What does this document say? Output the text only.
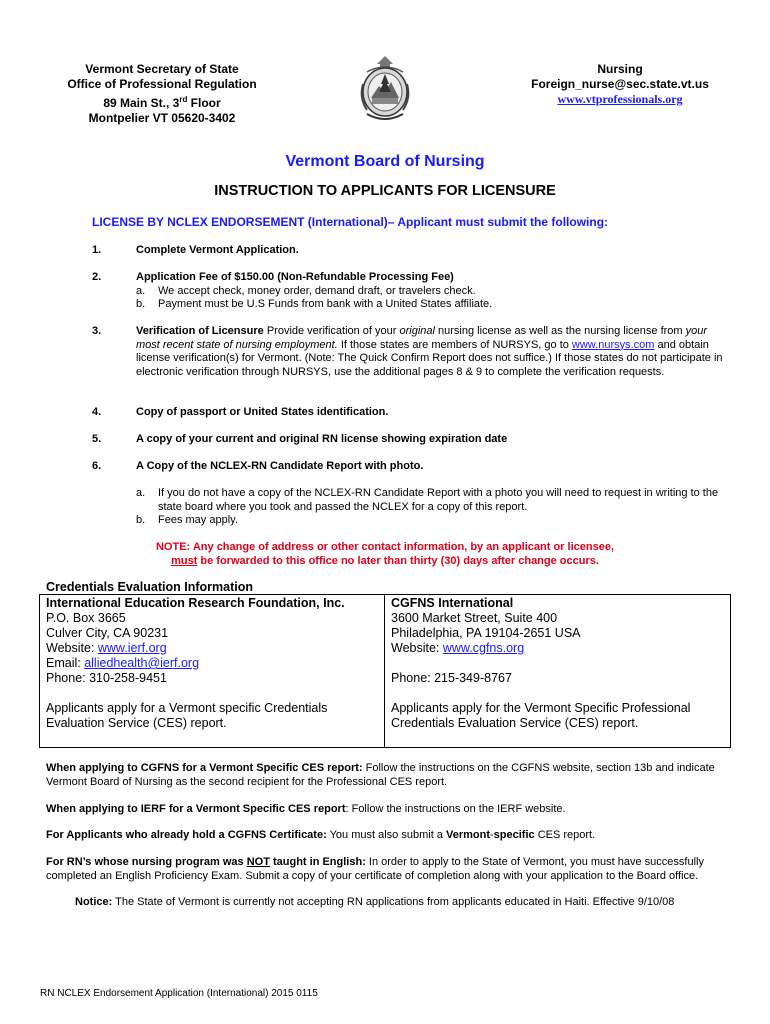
Vermont Secretary of State
Office of Professional Regulation
89 Main St., 3rd Floor
Montpelier VT 05620-3402
Nursing
Foreign_nurse@sec.state.vt.us
www.vtprofessionals.org
Vermont Board of Nursing
INSTRUCTION TO APPLICANTS FOR LICENSURE
LICENSE BY NCLEX ENDORSEMENT (International)– Applicant must submit the following:
1.	Complete Vermont Application.
2.	Application Fee of $150.00 (Non-Refundable Processing Fee)
a. We accept check, money order, demand draft, or travelers check.
b. Payment must be U.S Funds from bank with a United States affiliate.
3.	Verification of Licensure Provide verification of your original nursing license as well as the nursing license from your most recent state of nursing employment. If those states are members of NURSYS, go to www.nursys.com and obtain license verification(s) for Vermont. (Note: The Quick Confirm Report does not suffice.) If those states do not participate in electronic verification through NURSYS, use the additional pages 8 & 9 to complete the verification requests.
4.	Copy of passport or United States identification.
5.	A copy of your current and original RN license showing expiration date
6.	A Copy of the NCLEX-RN Candidate Report with photo.
a. If you do not have a copy of the NCLEX-RN Candidate Report with a photo you will need to request in writing to the state board where you took and passed the NCLEX for a copy of this report.
b. Fees may apply.
NOTE: Any change of address or other contact information, by an applicant or licensee,
must be forwarded to this office no later than thirty (30) days after change occurs.
Credentials Evaluation Information
International Education Research Foundation, Inc.
P.O. Box 3665
Culver City, CA 90231
Website: www.ierf.org
Email: alliedhealth@ierf.org
Phone: 310-258-9451
Applicants apply for a Vermont specific Credentials Evaluation Service (CES) report.
CGFNS International
3600 Market Street, Suite 400
Philadelphia, PA 19104-2651 USA
Website: www.cgfns.org
Phone: 215-349-8767
Applicants apply for the Vermont Specific Professional Credentials Evaluation Service (CES) report.
When applying to CGFNS for a Vermont Specific CES report: Follow the instructions on the CGFNS website, section 13b and indicate Vermont Board of Nursing as the second recipient for the Professional CES report.
When applying to IERF for a Vermont Specific CES report: Follow the instructions on the IERF website.
For Applicants who already hold a CGFNS Certificate: You must also submit a Vermont-specific CES report.
For RN’s whose nursing program was NOT taught in English: In order to apply to the State of Vermont, you must have successfully completed an English Proficiency Exam. Submit a copy of your certificate of completion along with your application to the Board office.
Notice: The State of Vermont is currently not accepting RN applications from applicants educated in Haiti. Effective 9/10/08
RN NCLEX Endorsement Application (International) 2015 0115
